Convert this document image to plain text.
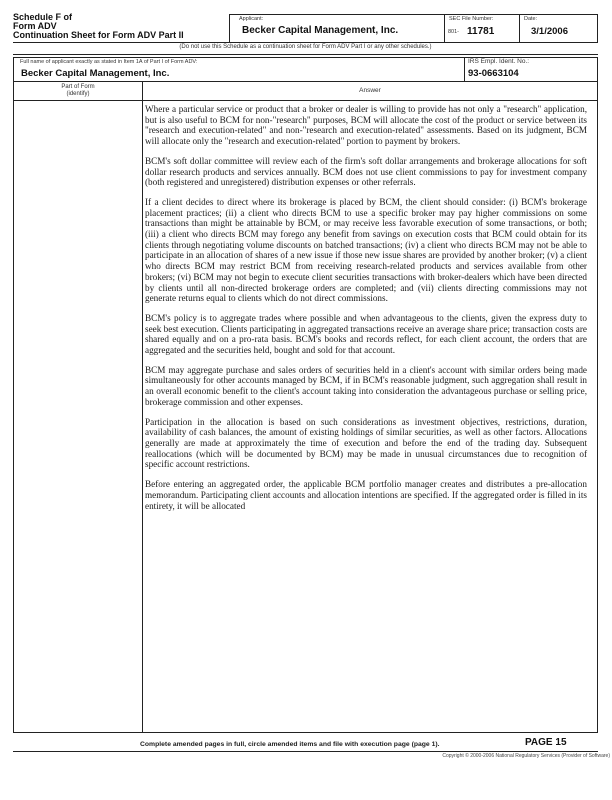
Schedule F of
Form ADV
Continuation Sheet for Form ADV Part II
Applicant:
Becker Capital Management, Inc.
SEC File Number:
801- 11781
Date:
3/1/2006
(Do not use this Schedule as a continuation sheet for Form ADV Part I or any other schedules.)
Full name of applicant exactly as stated in Item 1A of Part I of Form ADV:
Becker Capital Management, Inc.
IRS Empl. Ident. No.:
93-0663104
Part of Form (identify)	Answer

Where a particular service or product that a broker or dealer is willing to provide has not only a "research" application, but is also useful to BCM for non-"research" purposes, BCM will allocate the cost of the product or service between its "research and execution-related" and non-"research and execution-related" assessments. Based on its judgment, BCM will allocate only the "research and execution-related" portion to payment by brokers.

BCM's soft dollar committee will review each of the firm's soft dollar arrangements and brokerage allocations for soft dollar research products and services annually. BCM does not use client commissions to pay for investment company (both registered and unregistered) distribution expenses or other referrals.

If a client decides to direct where its brokerage is placed by BCM, the client should consider: (i) BCM's brokerage placement practices; (ii) a client who directs BCM to use a specific broker may pay higher commissions on some transactions than might be attainable by BCM, or may receive less favorable execution of some transactions, or both; (iii) a client who directs BCM may forego any benefit from savings on execution costs that BCM could obtain for its clients through negotiating volume discounts on batched transactions; (iv) a client who directs BCM may not be able to participate in an allocation of shares of a new issue if those new issue shares are provided by another broker; (v) a client who directs BCM may restrict BCM from receiving research-related products and services available from other brokers; (vi) BCM may not begin to execute client securities transactions with broker-dealers which have been directed by clients until all non-directed brokerage orders are completed; and (vii) clients directing commissions may not generate returns equal to clients which do not direct commissions.

BCM's policy is to aggregate trades where possible and when advantageous to the clients, given the express duty to seek best execution. Clients participating in aggregated transactions receive an average share price; transaction costs are shared equally and on a pro-rata basis. BCM's books and records reflect, for each client account, the orders that are aggregated and the securities held, bought and sold for that account.

BCM may aggregate purchase and sales orders of securities held in a client's account with similar orders being made simultaneously for other accounts managed by BCM, if in BCM's reasonable judgment, such aggregation shall result in an overall economic benefit to the client's account taking into consideration the advantageous purchase or selling price, brokerage commission and other expenses.

Participation in the allocation is based on such considerations as investment objectives, restrictions, duration, availability of cash balances, the amount of existing holdings of similar securities, as well as other factors. Allocations generally are made at approximately the time of execution and before the end of the trading day. Subsequent reallocations (which will be documented by BCM) may be made in unusual circumstances due to recognition of specific account restrictions.

Before entering an aggregated order, the applicable BCM portfolio manager creates and distributes a pre-allocation memorandum. Participating client accounts and allocation intentions are specified. If the aggregated order is filled in its entirety, it will be allocated

Complete amended pages in full, circle amended items and file with execution page (page 1).	PAGE 15
Copyright © 2000-2006 National Regulatory Services (Provider of Software)
